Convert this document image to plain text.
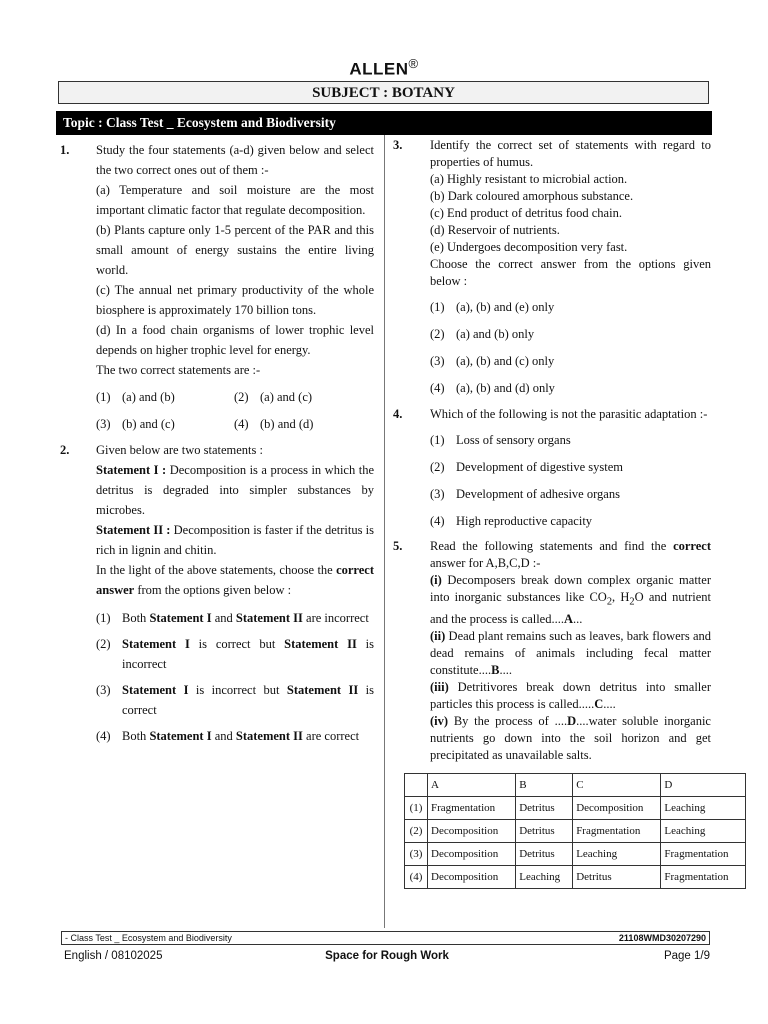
ALLEN®
SUBJECT : BOTANY
Topic : Class Test _ Ecosystem and Biodiversity
1. Study the four statements (a-d) given below and select the two correct ones out of them :-
(a) Temperature and soil moisture are the most important climatic factor that regulate decomposition.
(b) Plants capture only 1-5 percent of the PAR and this small amount of energy sustains the entire living world.
(c) The annual net primary productivity of the whole biosphere is approximately 170 billion tons.
(d) In a food chain organisms of lower trophic level depends on higher trophic level for energy.
The two correct statements are :-
(1) (a) and (b)	(2) (a) and (c)
(3) (b) and (c)	(4) (b) and (d)
2. Given below are two statements :
Statement I : Decomposition is a process in which the detritus is degraded into simpler substances by microbes.
Statement II : Decomposition is faster if the detritus is rich in lignin and chitin.
In the light of the above statements, choose the correct answer from the options given below :
(1) Both Statement I and Statement II are incorrect
(2) Statement I is correct but Statement II is incorrect
(3) Statement I is incorrect but Statement II is correct
(4) Both Statement I and Statement II are correct
3. Identify the correct set of statements with regard to properties of humus.
(a) Highly resistant to microbial action.
(b) Dark coloured amorphous substance.
(c) End product of detritus food chain.
(d) Reservoir of nutrients.
(e) Undergoes decomposition very fast.
Choose the correct answer from the options given below :
(1) (a), (b) and (e) only
(2) (a) and (b) only
(3) (a), (b) and (c) only
(4) (a), (b) and (d) only
4. Which of the following is not the parasitic adaptation :-
(1) Loss of sensory organs
(2) Development of digestive system
(3) Development of adhesive organs
(4) High reproductive capacity
5. Read the following statements and find the correct answer for A,B,C,D :-
(i) Decomposers break down complex organic matter into inorganic substances like $CO_2$, $H_2O$ and nutrient and the process is called....A...
(ii) Dead plant remains such as leaves, bark flowers and dead remains of animals including fecal matter constitute....B....
(iii) Detritivores break down detritus into smaller particles this process is called.....C....
(iv) By the process of ....D....water soluble inorganic nutrients go down into the soil horizon and get precipitated as unavailable salts.
	A	B	C	D
(1)	Fragmentation	Detritus	Decomposition	Leaching
(2)	Decomposition	Detritus	Fragmentation	Leaching
(3)	Decomposition	Detritus	Leaching	Fragmentation
(4)	Decomposition	Leaching	Detritus	Fragmentation
- Class Test _ Ecosystem and Biodiversity	21108WMD30207290
English / 08102025	Space for Rough Work	Page 1/9
